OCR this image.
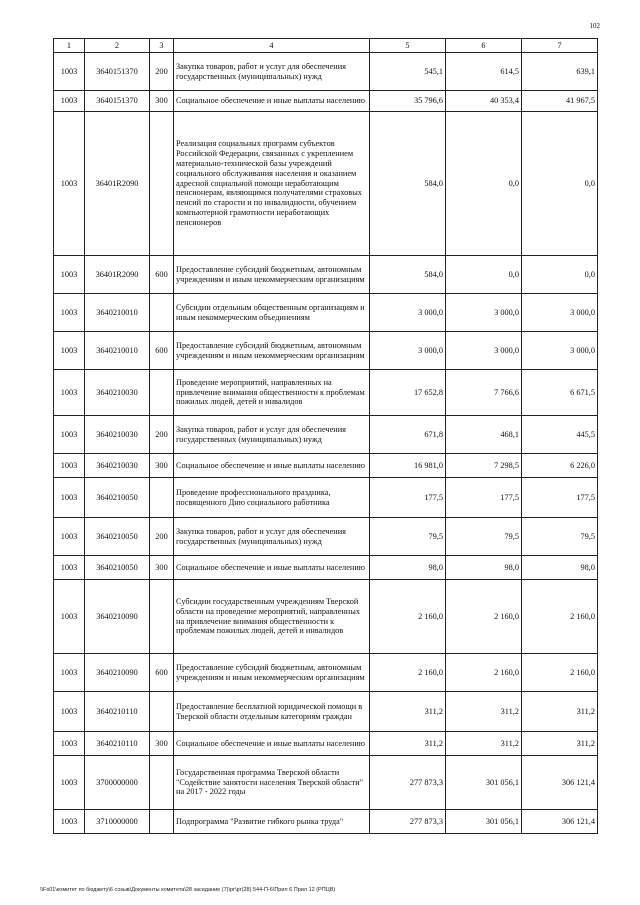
102
1	2	3	4	5	6	7
1003	3640151370	200	Закупка товаров, работ и услуг для обеспечения государственных (муниципальных) нужд	545,1	614,5	639,1
1003	3640151370	300	Социальное обеспечение и иные выплаты населению	35 796,6	40 353,4	41 967,5
1003	36401R2090		Реализация социальных программ субъектов Российской Федерации, связанных с укреплением материально-технической базы учреждений социального обслуживания населения и оказанием адресной социальной помощи неработающим пенсионерам, являющимся получателями страховых пенсий по старости и по инвалидности, обучением компьютерной грамотности неработающих пенсионеров	584,0	0,0	0,0
1003	36401R2090	600	Предоставление субсидий бюджетным, автономным учреждениям и иным некоммерческим организациям	584,0	0,0	0,0
1003	3640210010		Субсидии отдельным общественным организациям и иным некоммерческим объединениям	3 000,0	3 000,0	3 000,0
1003	3640210010	600	Предоставление субсидий бюджетным, автономным учреждениям и иным некоммерческим организациям	3 000,0	3 000,0	3 000,0
1003	3640210030		Проведение мероприятий, направленных на привлечение внимания общественности к проблемам пожилых людей, детей и инвалидов	17 652,8	7 766,6	6 671,5
1003	3640210030	200	Закупка товаров, работ и услуг для обеспечения государственных (муниципальных) нужд	671,8	468,1	445,5
1003	3640210030	300	Социальное обеспечение и иные выплаты населению	16 981,0	7 298,5	6 226,0
1003	3640210050		Проведение профессионального праздника, посвященного Дню социального работника	177,5	177,5	177,5
1003	3640210050	200	Закупка товаров, работ и услуг для обеспечения государственных (муниципальных) нужд	79,5	79,5	79,5
1003	3640210050	300	Социальное обеспечение и иные выплаты населению	98,0	98,0	98,0
1003	3640210090		Субсидии государственным учреждениям Тверской области на проведение мероприятий, направленных на привлечение внимания общественности к проблемам пожилых людей, детей и инвалидов	2 160,0	2 160,0	2 160,0
1003	3640210090	600	Предоставление субсидий бюджетным, автономным учреждениям и иным некоммерческим организациям	2 160,0	2 160,0	2 160,0
1003	3640210110		Предоставление бесплатной юридической помощи в Тверской области отдельным категориям граждан	311,2	311,2	311,2
1003	3640210110	300	Социальное обеспечение и иные выплаты населению	311,2	311,2	311,2
1003	3700000000		Государственная программа Тверской области "Содействие занятости населения Тверской области" на 2017 - 2022 годы	277 873,3	301 056,1	306 121,4
1003	3710000000		Подпрограмма "Развитие гибкого рынка труда"	277 873,3	301 056,1	306 121,4
\\Fs01\комитет по бюджету\6 созыв\Документы комитета\28 заседание (7)\рг\рг(28) 544-П-6\Прил 6 Прил 12 (РПЦВ)
